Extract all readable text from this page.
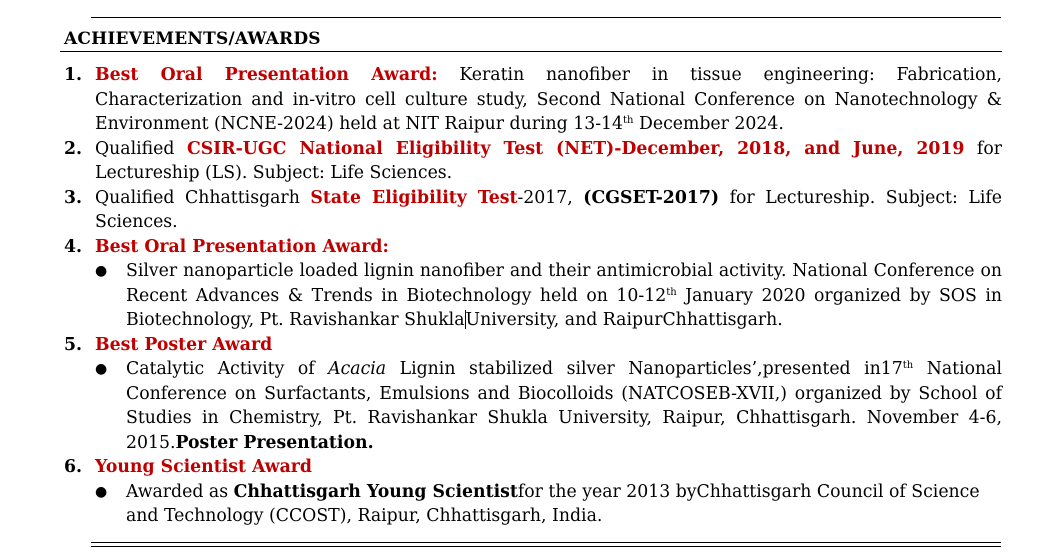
ACHIEVEMENTS/AWARDS
1. Best Oral Presentation Award: Keratin nanofiber in tissue engineering: Fabrication, Characterization and in-vitro cell culture study, Second National Conference on Nanotechnology & Environment (NCNE-2024) held at NIT Raipur during 13-14th December 2024.
2. Qualified CSIR-UGC National Eligibility Test (NET)-December, 2018, and June, 2019 for Lectureship (LS). Subject: Life Sciences.
3. Qualified Chhattisgarh State Eligibility Test-2017, (CGSET-2017) for Lectureship. Subject: Life Sciences.
4. Best Oral Presentation Award:
● Silver nanoparticle loaded lignin nanofiber and their antimicrobial activity. National Conference on Recent Advances & Trends in Biotechnology held on 10-12th January 2020 organized by SOS in Biotechnology, Pt. Ravishankar ShuklaUniversity, and RaipurChhattisgarh.
5. Best Poster Award
● Catalytic Activity of Acacia Lignin stabilized silver Nanoparticles’,presented in17th National Conference on Surfactants, Emulsions and Biocolloids (NATCOSEB-XVII,) organized by School of Studies in Chemistry, Pt. Ravishankar Shukla University, Raipur, Chhattisgarh. November 4-6, 2015.Poster Presentation.
6. Young Scientist Award
● Awarded as Chhattisgarh Young Scientistfor the year 2013 byChhattisgarh Council of Science and Technology (CCOST), Raipur, Chhattisgarh, India.
